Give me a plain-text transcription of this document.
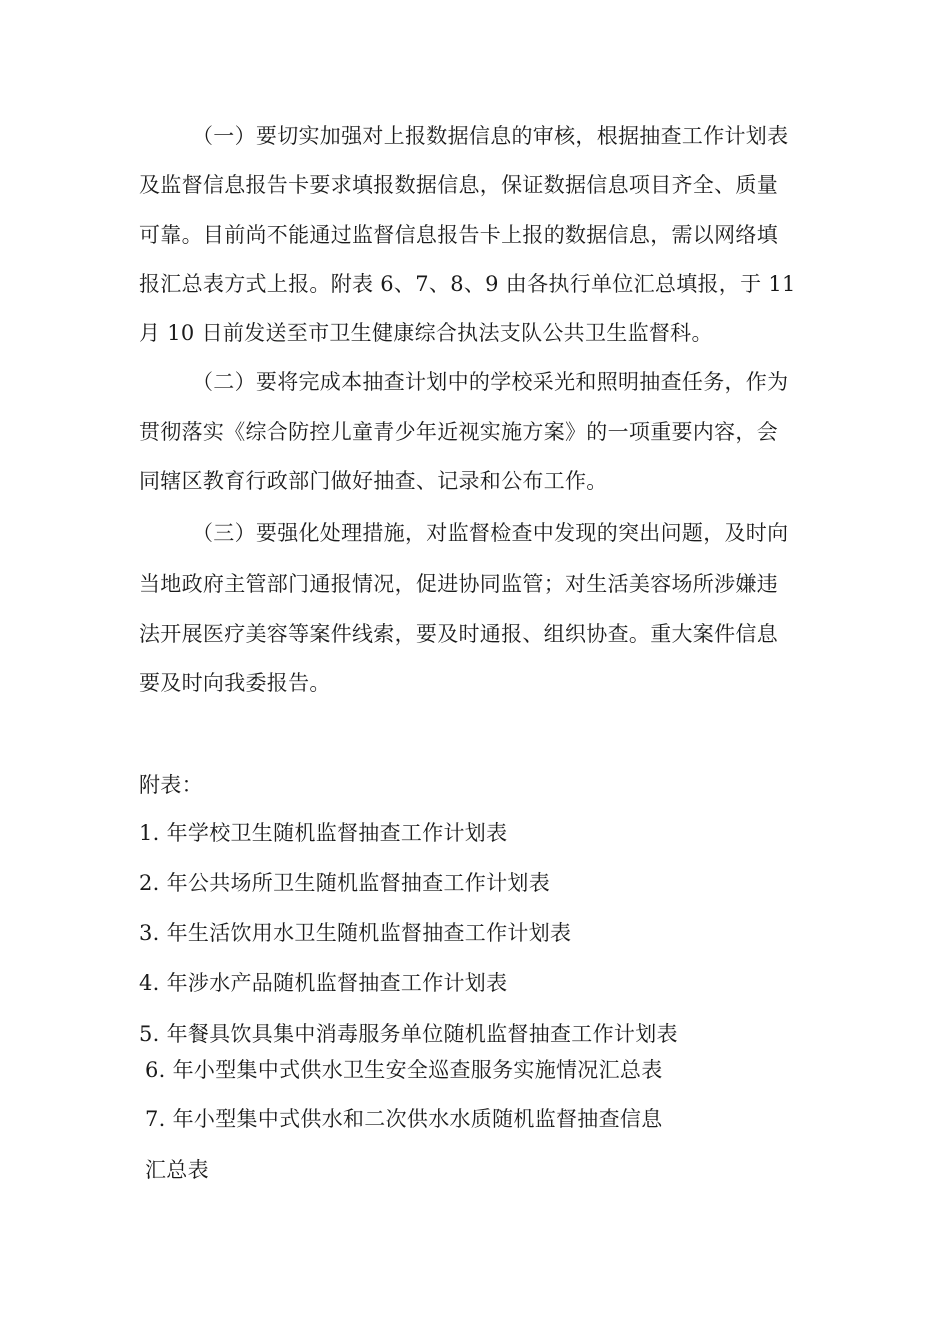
（一）要切实加强对上报数据信息的审核，根据抽查工作计划表
及监督信息报告卡要求填报数据信息，保证数据信息项目齐全、质量
可靠。目前尚不能通过监督信息报告卡上报的数据信息，需以网络填
报汇总表方式上报。附表 6、7、8、9 由各执行单位汇总填报，于 11
月 10 日前发送至市卫生健康综合执法支队公共卫生监督科。
（二）要将完成本抽查计划中的学校采光和照明抽查任务，作为
贯彻落实《综合防控儿童青少年近视实施方案》的一项重要内容，会
同辖区教育行政部门做好抽查、记录和公布工作。
（三）要强化处理措施，对监督检查中发现的突出问题，及时向
当地政府主管部门通报情况，促进协同监管；对生活美容场所涉嫌违
法开展医疗美容等案件线索，要及时通报、组织协查。重大案件信息
要及时向我委报告。
附表：
1. 年学校卫生随机监督抽查工作计划表
2. 年公共场所卫生随机监督抽查工作计划表
3. 年生活饮用水卫生随机监督抽查工作计划表
4. 年涉水产品随机监督抽查工作计划表
5. 年餐具饮具集中消毒服务单位随机监督抽查工作计划表
6. 年小型集中式供水卫生安全巡查服务实施情况汇总表
7. 年小型集中式供水和二次供水水质随机监督抽查信息
汇总表
